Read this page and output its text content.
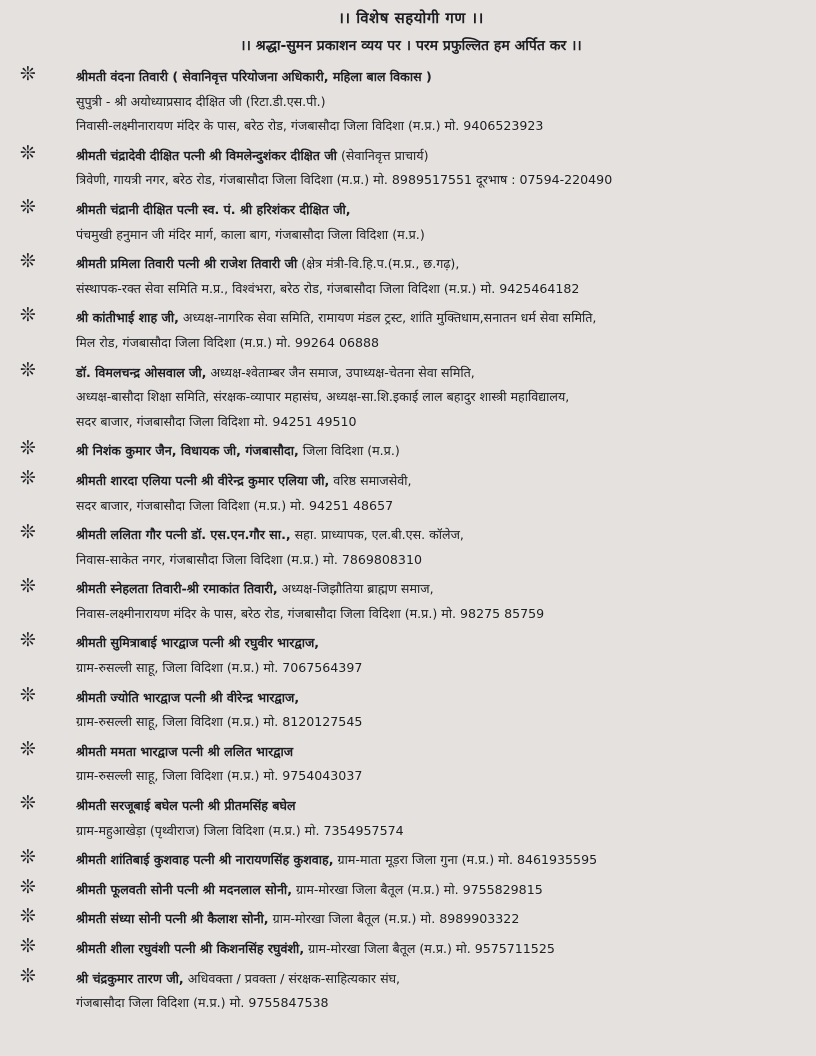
।। विशेष सहयोगी गण ।।
।। श्रद्धा-सुमन प्रकाशन व्यय पर । परम प्रफुल्लित हम अर्पित कर ।।
❊	श्रीमती वंदना तिवारी ( सेवानिवृत्त परियोजना अधिकारी, महिला बाल विकास )
सुपुत्री - श्री अयोध्याप्रसाद दीक्षित जी (रिटा.डी.एस.पी.)
निवासी-लक्ष्मीनारायण मंदिर के पास, बरेठ रोड, गंजबासौदा जिला विदिशा (म.प्र.) मो. 9406523923
❊	श्रीमती चंद्रादेवी दीक्षित पत्नी श्री विमलेन्दुशंकर दीक्षित जी (सेवानिवृत्त प्राचार्य)
त्रिवेणी, गायत्री नगर, बरेठ रोड, गंजबासौदा जिला विदिशा (म.प्र.) मो. 8989517551 दूरभाष : 07594-220490
❊	श्रीमती चंद्रानी दीक्षित पत्नी स्व. पं. श्री हरिशंकर दीक्षित जी,
पंचमुखी हनुमान जी मंदिर मार्ग, काला बाग, गंजबासौदा जिला विदिशा (म.प्र.)
❊	श्रीमती प्रमिला तिवारी पत्नी श्री राजेश तिवारी जी (क्षेत्र मंत्री-वि.हि.प.(म.प्र., छ.गढ़),
संस्थापक-रक्त सेवा समिति म.प्र., विश्वंभरा, बरेठ रोड, गंजबासौदा जिला विदिशा (म.प्र.) मो. 9425464182
❊	श्री कांतीभाई शाह जी, अध्यक्ष-नागरिक सेवा समिति, रामायण मंडल ट्रस्ट, शांति मुक्तिधाम,सनातन धर्म सेवा समिति,
मिल रोड, गंजबासौदा जिला विदिशा (म.प्र.) मो. 99264 06888
❊	डॉ. विमलचन्द्र ओसवाल जी, अध्यक्ष-श्वेताम्बर जैन समाज, उपाध्यक्ष-चेतना सेवा समिति,
अध्यक्ष-बासौदा शिक्षा समिति, संरक्षक-व्यापार महासंघ, अध्यक्ष-सा.शि.इकाई लाल बहादुर शास्त्री महाविद्यालय,
सदर बाजार, गंजबासौदा जिला विदिशा मो. 94251 49510
❊	श्री निशंक कुमार जैन, विधायक जी, गंजबासौदा, जिला विदिशा (म.प्र.)
❊	श्रीमती शारदा एलिया पत्नी श्री वीरेन्द्र कुमार एलिया जी, वरिष्ठ समाजसेवी,
सदर बाजार, गंजबासौदा जिला विदिशा (म.प्र.) मो. 94251 48657
❊	श्रीमती ललिता गौर पत्नी डॉ. एस.एन.गौर सा., सहा. प्राध्यापक, एल.बी.एस. कॉलेज,
निवास-साकेत नगर, गंजबासौदा जिला विदिशा (म.प्र.) मो. 7869808310
❊	श्रीमती स्नेहलता तिवारी-श्री रमाकांत तिवारी, अध्यक्ष-जिझौतिया ब्राह्मण समाज,
निवास-लक्ष्मीनारायण मंदिर के पास, बरेठ रोड, गंजबासौदा जिला विदिशा (म.प्र.) मो. 98275 85759
❊	श्रीमती सुमित्राबाई भारद्वाज पत्नी श्री रघुवीर भारद्वाज,
ग्राम-रुसल्ली साहू, जिला विदिशा (म.प्र.) मो. 7067564397
❊	श्रीमती ज्योति भारद्वाज पत्नी श्री वीरेन्द्र भारद्वाज,
ग्राम-रुसल्ली साहू, जिला विदिशा (म.प्र.) मो. 8120127545
❊	श्रीमती ममता भारद्वाज पत्नी श्री ललित भारद्वाज
ग्राम-रुसल्ली साहू, जिला विदिशा (म.प्र.) मो. 9754043037
❊	श्रीमती सरजूबाई बघेल पत्नी श्री प्रीतमसिंह बघेल
ग्राम-महुआखेड़ा (पृथ्वीराज) जिला विदिशा (म.प्र.) मो. 7354957574
❊	श्रीमती शांतिबाई कुशवाह पत्नी श्री नारायणसिंह कुशवाह, ग्राम-माता मूड़रा जिला गुना (म.प्र.) मो. 8461935595
❊	श्रीमती फूलवती सोनी पत्नी श्री मदनलाल सोनी, ग्राम-मोरखा जिला बैतूल (म.प्र.) मो. 9755829815
❊	श्रीमती संध्या सोनी पत्नी श्री कैलाश सोनी, ग्राम-मोरखा जिला बैतूल (म.प्र.) मो. 8989903322
❊	श्रीमती शीला रघुवंशी पत्नी श्री किशनसिंह रघुवंशी, ग्राम-मोरखा जिला बैतूल (म.प्र.) मो. 9575711525
❊	श्री चंद्रकुमार तारण जी, अधिवक्ता / प्रवक्ता / संरक्षक-साहित्यकार संघ,
गंजबासौदा जिला विदिशा (म.प्र.) मो. 9755847538
